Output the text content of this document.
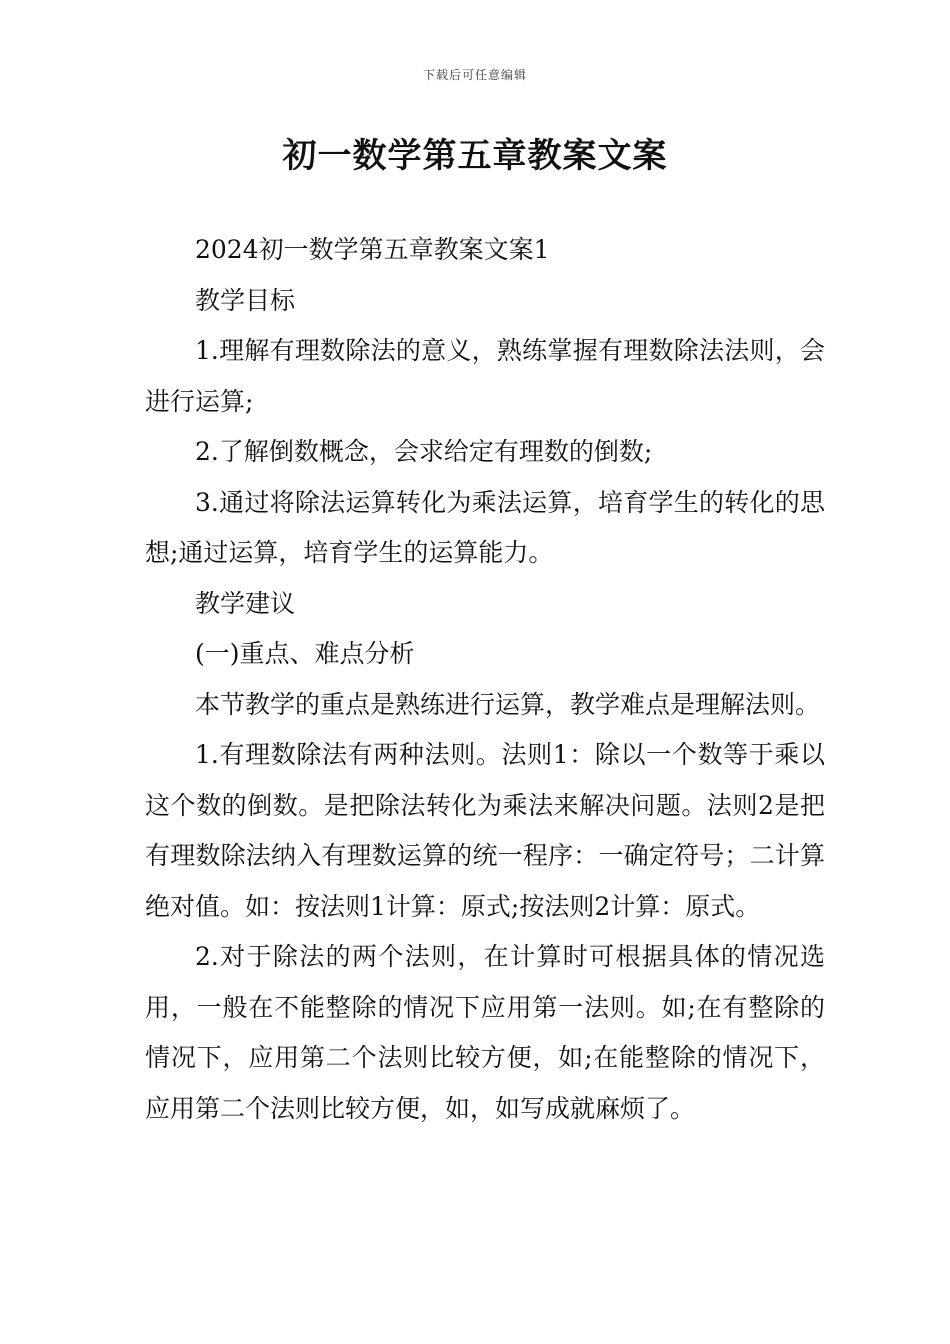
下载后可任意编辑
初一数学第五章教案文案

2024初一数学第五章教案文案1

教学目标

1.理解有理数除法的意义，熟练掌握有理数除法法则，会进行运算;

2.了解倒数概念，会求给定有理数的倒数;

3.通过将除法运算转化为乘法运算，培育学生的转化的思想;通过运算，培育学生的运算能力。

教学建议

(一)重点、难点分析

本节教学的重点是熟练进行运算，教学难点是理解法则。

1.有理数除法有两种法则。法则1：除以一个数等于乘以这个数的倒数。是把除法转化为乘法来解决问题。法则2是把有理数除法纳入有理数运算的统一程序：一确定符号；二计算绝对值。如：按法则1计算：原式;按法则2计算：原式。

2.对于除法的两个法则，在计算时可根据具体的情况选用，一般在不能整除的情况下应用第一法则。如;在有整除的情况下，应用第二个法则比较方便，如;在能整除的情况下，应用第二个法则比较方便，如，如写成就麻烦了。
